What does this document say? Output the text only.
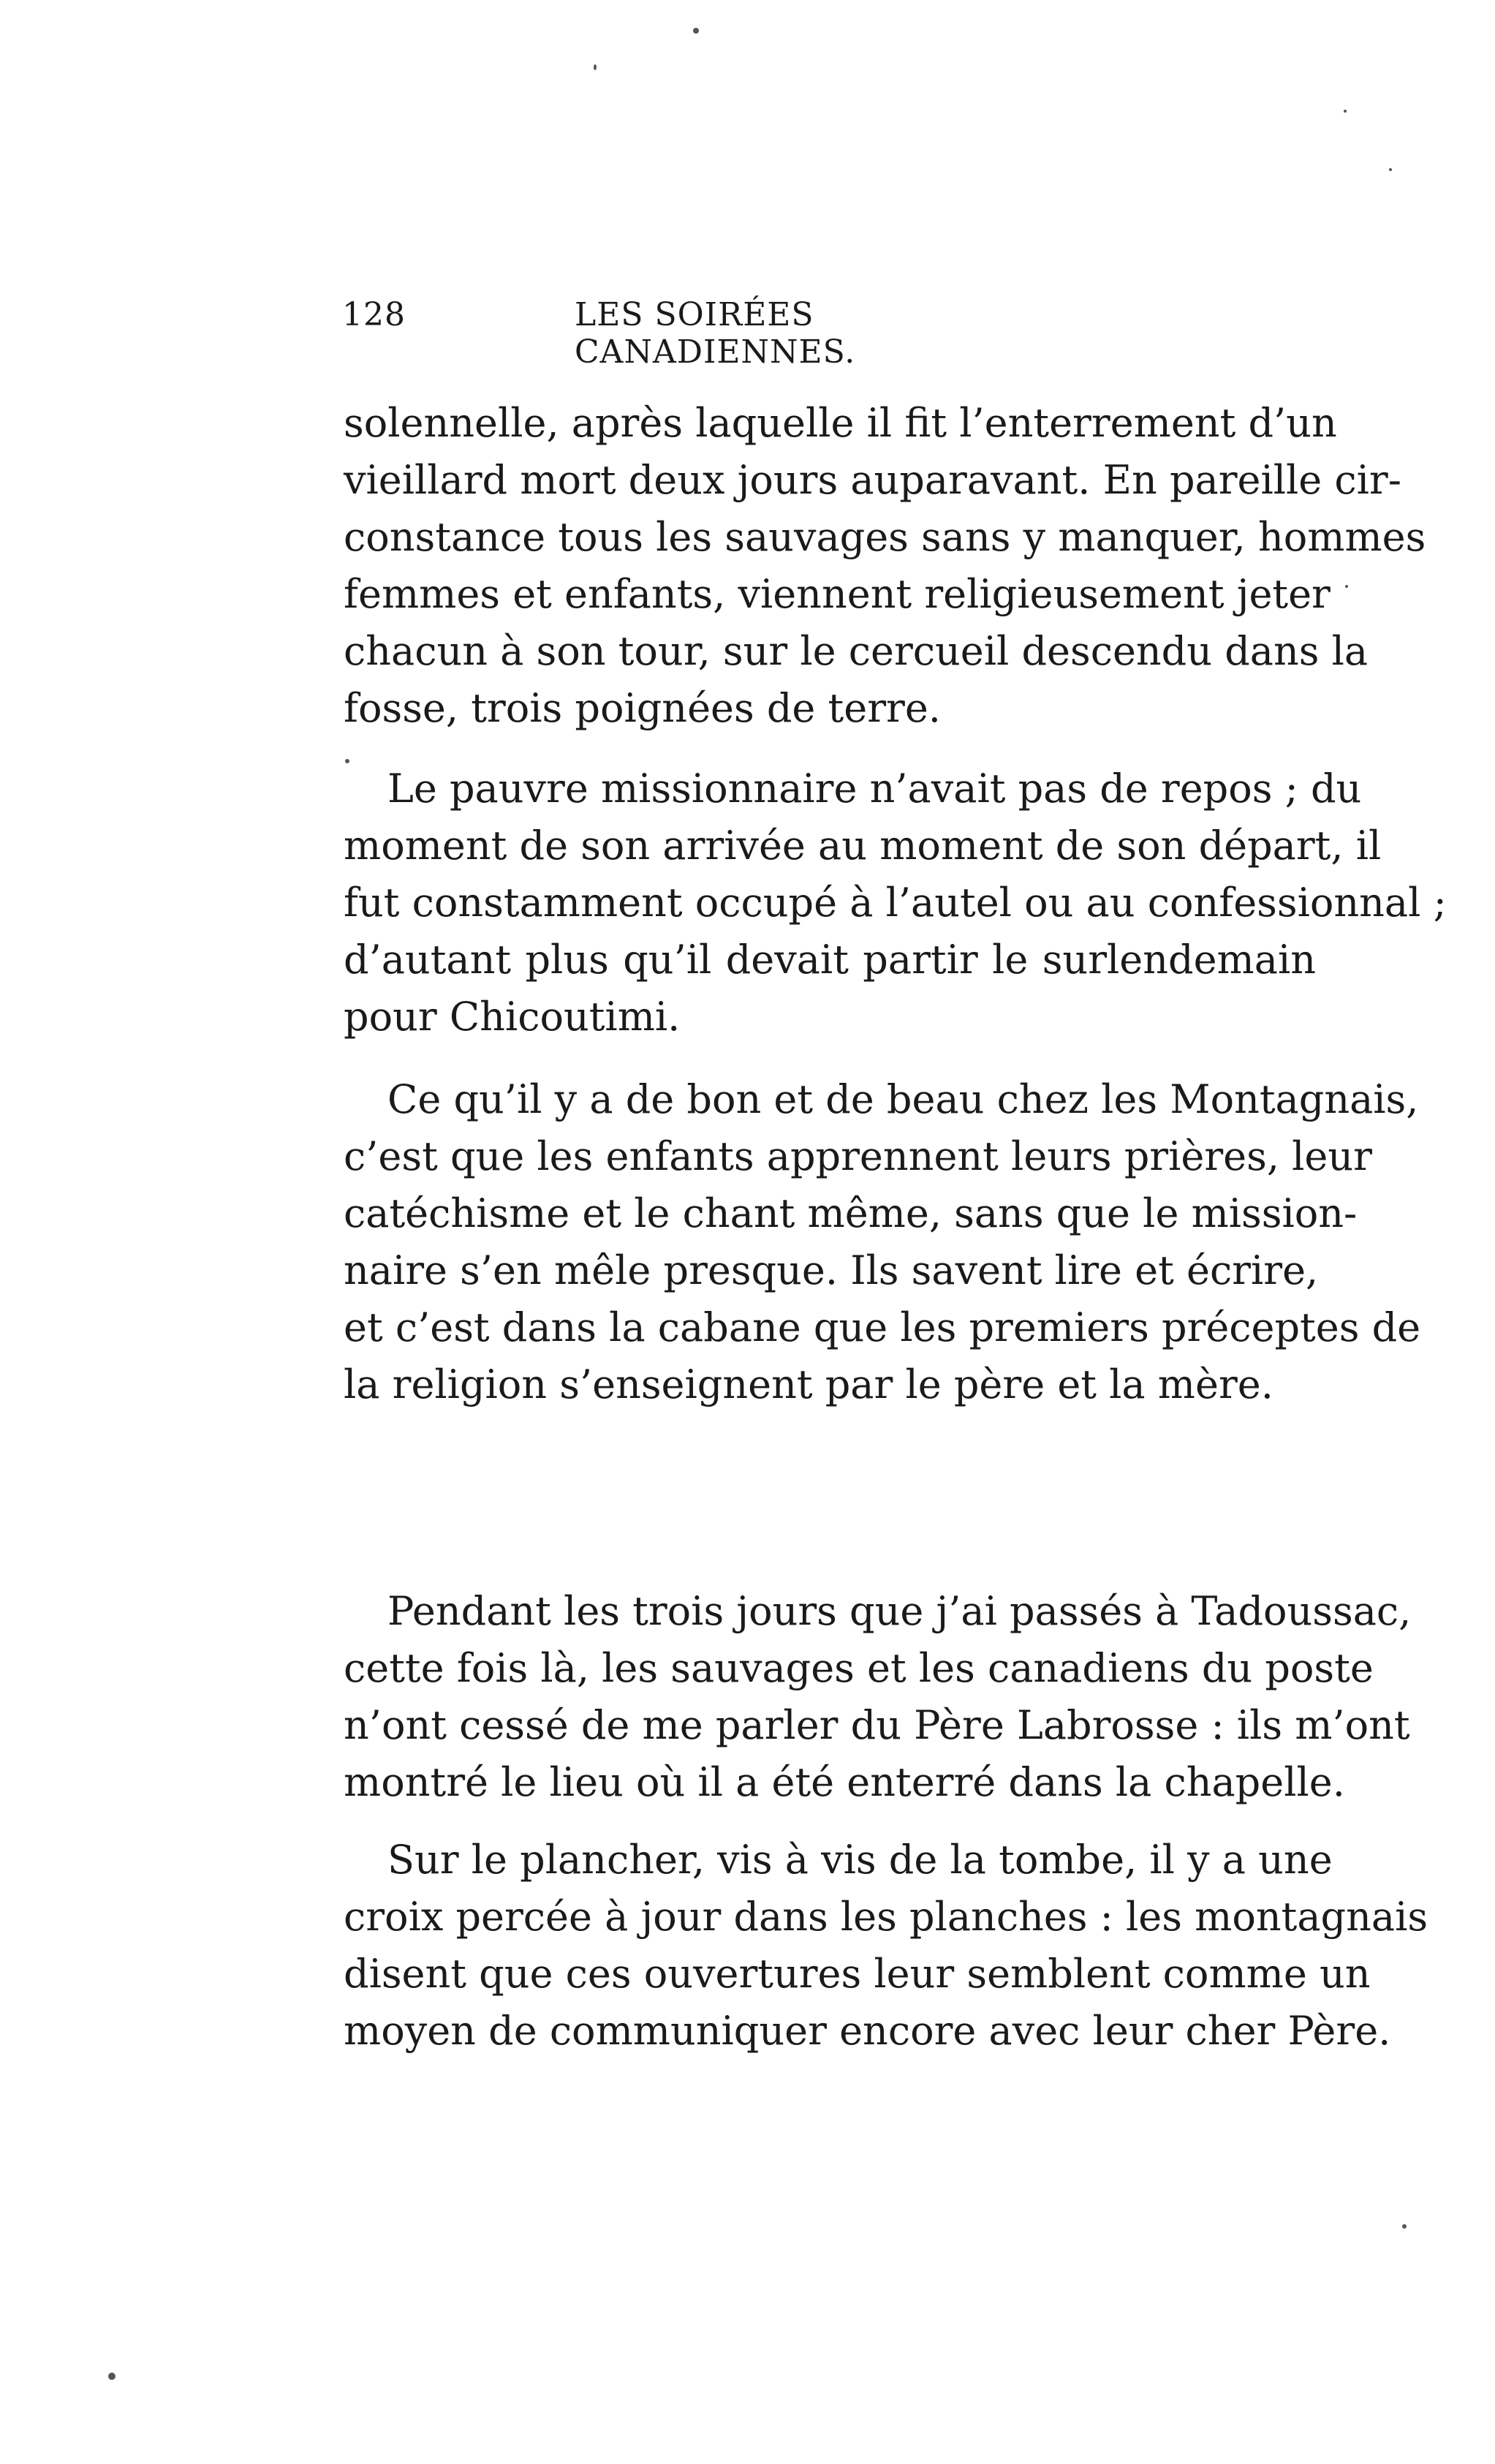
128	LES SOIRÉES CANADIENNES.

solennelle, après laquelle il fit l’enterrement d’un
vieillard mort deux jours auparavant. En pareille cir-
constance tous les sauvages sans y manquer, hommes
femmes et enfants, viennent religieusement jeter
chacun à son tour, sur le cercueil descendu dans la
fosse, trois poignées de terre.

Le pauvre missionnaire n’avait pas de repos ; du
moment de son arrivée au moment de son départ, il
fut constamment occupé à l’autel ou au confessionnal ;
d’autant plus qu’il devait partir le surlendemain
pour Chicoutimi.

Ce qu’il y a de bon et de beau chez les Montagnais,
c’est que les enfants apprennent leurs prières, leur
catéchisme et le chant même, sans que le mission-
naire s’en mêle presque. Ils savent lire et écrire,
et c’est dans la cabane que les premiers préceptes de
la religion s’enseignent par le père et la mère.

Pendant les trois jours que j’ai passés à Tadoussac,
cette fois là, les sauvages et les canadiens du poste
n’ont cessé de me parler du Père Labrosse : ils m’ont
montré le lieu où il a été enterré dans la chapelle.

Sur le plancher, vis à vis de la tombe, il y a une
croix percée à jour dans les planches : les montagnais
disent que ces ouvertures leur semblent comme un
moyen de communiquer encore avec leur cher Père.
